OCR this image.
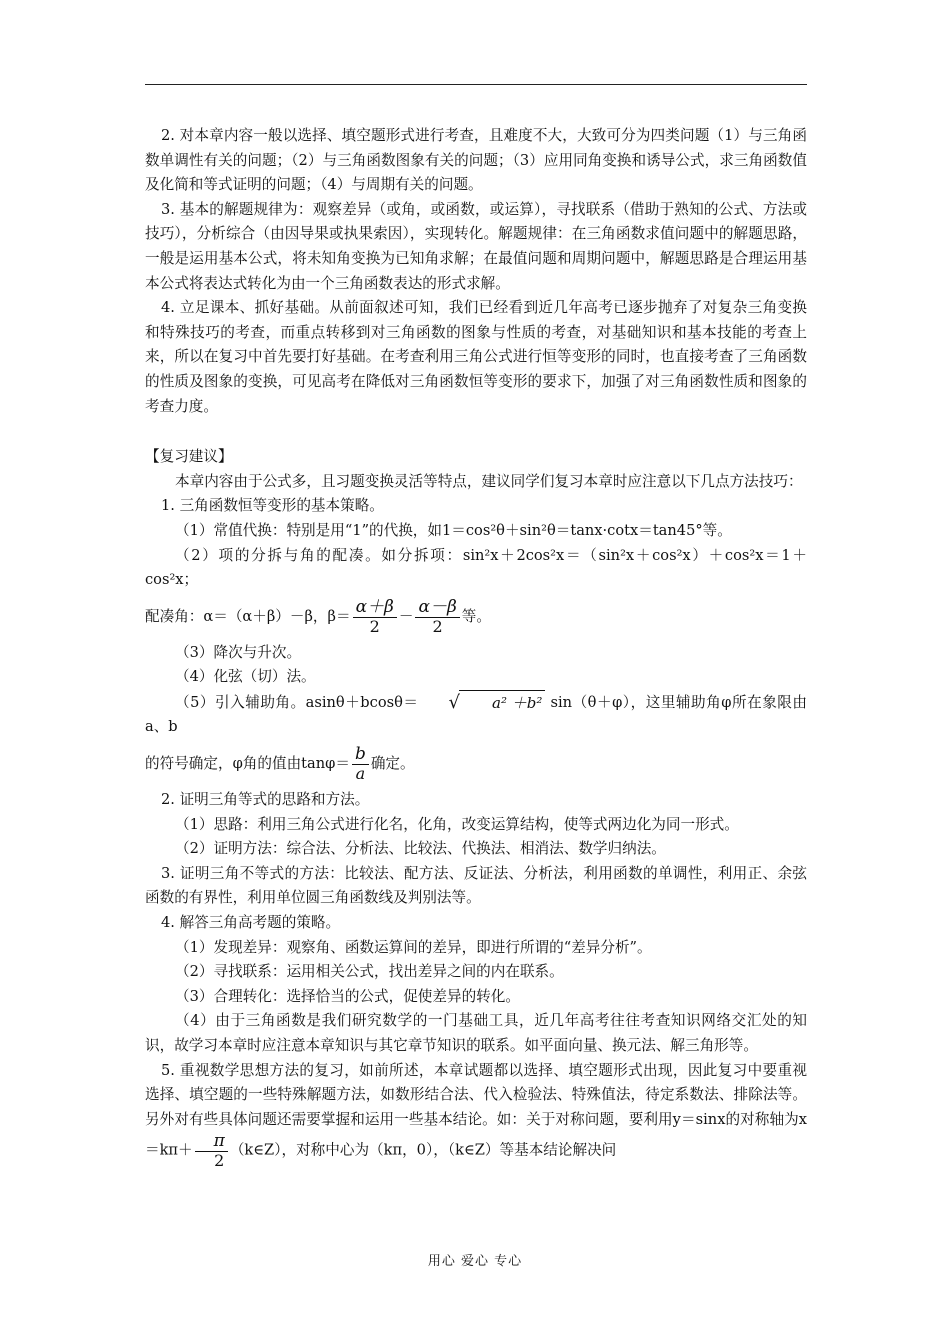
2. 对本章内容一般以选择、填空题形式进行考查，且难度不大，大致可分为四类问题（1）与三角函数单调性有关的问题；（2）与三角函数图象有关的问题；（3）应用同角变换和诱导公式，求三角函数值及化简和等式证明的问题；（4）与周期有关的问题。

3. 基本的解题规律为：观察差异（或角，或函数，或运算），寻找联系（借助于熟知的公式、方法或技巧），分析综合（由因导果或执果索因），实现转化。解题规律：在三角函数求值问题中的解题思路，一般是运用基本公式，将未知角变换为已知角求解；在最值问题和周期问题中，解题思路是合理运用基本公式将表达式转化为由一个三角函数表达的形式求解。

4. 立足课本、抓好基础。从前面叙述可知，我们已经看到近几年高考已逐步抛弃了对复杂三角变换和特殊技巧的考查，而重点转移到对三角函数的图象与性质的考查，对基础知识和基本技能的考查上来，所以在复习中首先要打好基础。在考查利用三角公式进行恒等变形的同时，也直接考查了三角函数的性质及图象的变换，可见高考在降低对三角函数恒等变形的要求下，加强了对三角函数性质和图象的考查力度。

【复习建议】

本章内容由于公式多，且习题变换灵活等特点，建议同学们复习本章时应注意以下几点方法技巧：

1. 三角函数恒等变形的基本策略。

（1）常值代换：特别是用“1”的代换，如1＝cos²θ＋sin²θ＝tanx·cotx＝tan45°等。

（2）项的分拆与角的配凑。如分拆项：sin²x＋2cos²x＝（sin²x＋cos²x）＋cos²x＝1＋cos²x；

配凑角：α＝（α＋β）－β，$\beta= \frac{\alpha+\beta}{2} - \frac{\alpha-\beta}{2}$ 等。

（3）降次与升次。

（4）化弦（切）法。

（5）引入辅助角。asinθ＋bcosθ＝ √ a² ＋b² sin（θ＋φ），这里辅助角φ所在象限由a、b

的符号确定，φ角的值由$\tan\varphi= \frac{b}{a}$ 确定。

2. 证明三角等式的思路和方法。

（1）思路：利用三角公式进行化名，化角，改变运算结构，使等式两边化为同一形式。

（2）证明方法：综合法、分析法、比较法、代换法、相消法、数学归纳法。

3. 证明三角不等式的方法：比较法、配方法、反证法、分析法，利用函数的单调性，利用正、余弦函数的有界性，利用单位圆三角函数线及判别法等。

4. 解答三角高考题的策略。

（1）发现差异：观察角、函数运算间的差异，即进行所谓的“差异分析”。

（2）寻找联系：运用相关公式，找出差异之间的内在联系。

（3）合理转化：选择恰当的公式，促使差异的转化。

（4）由于三角函数是我们研究数学的一门基础工具，近几年高考往往考查知识网络交汇处的知识，故学习本章时应注意本章知识与其它章节知识的联系。如平面向量、换元法、解三角形等。

5. 重视数学思想方法的复习，如前所述，本章试题都以选择、填空题形式出现，因此复习中要重视选择、填空题的一些特殊解题方法，如数形结合法、代入检验法、特殊值法，待定系数法、排除法等。另外对有些具体问题还需要掌握和运用一些基本结论。如：关于对称问题，要利用y＝sinx的对称轴为$x=k\pi+ \frac{\pi}{2}$ （k∈Z），对称中心为（kπ，0），（k∈Z）等基本结论解决问

用心 爱心 专心
